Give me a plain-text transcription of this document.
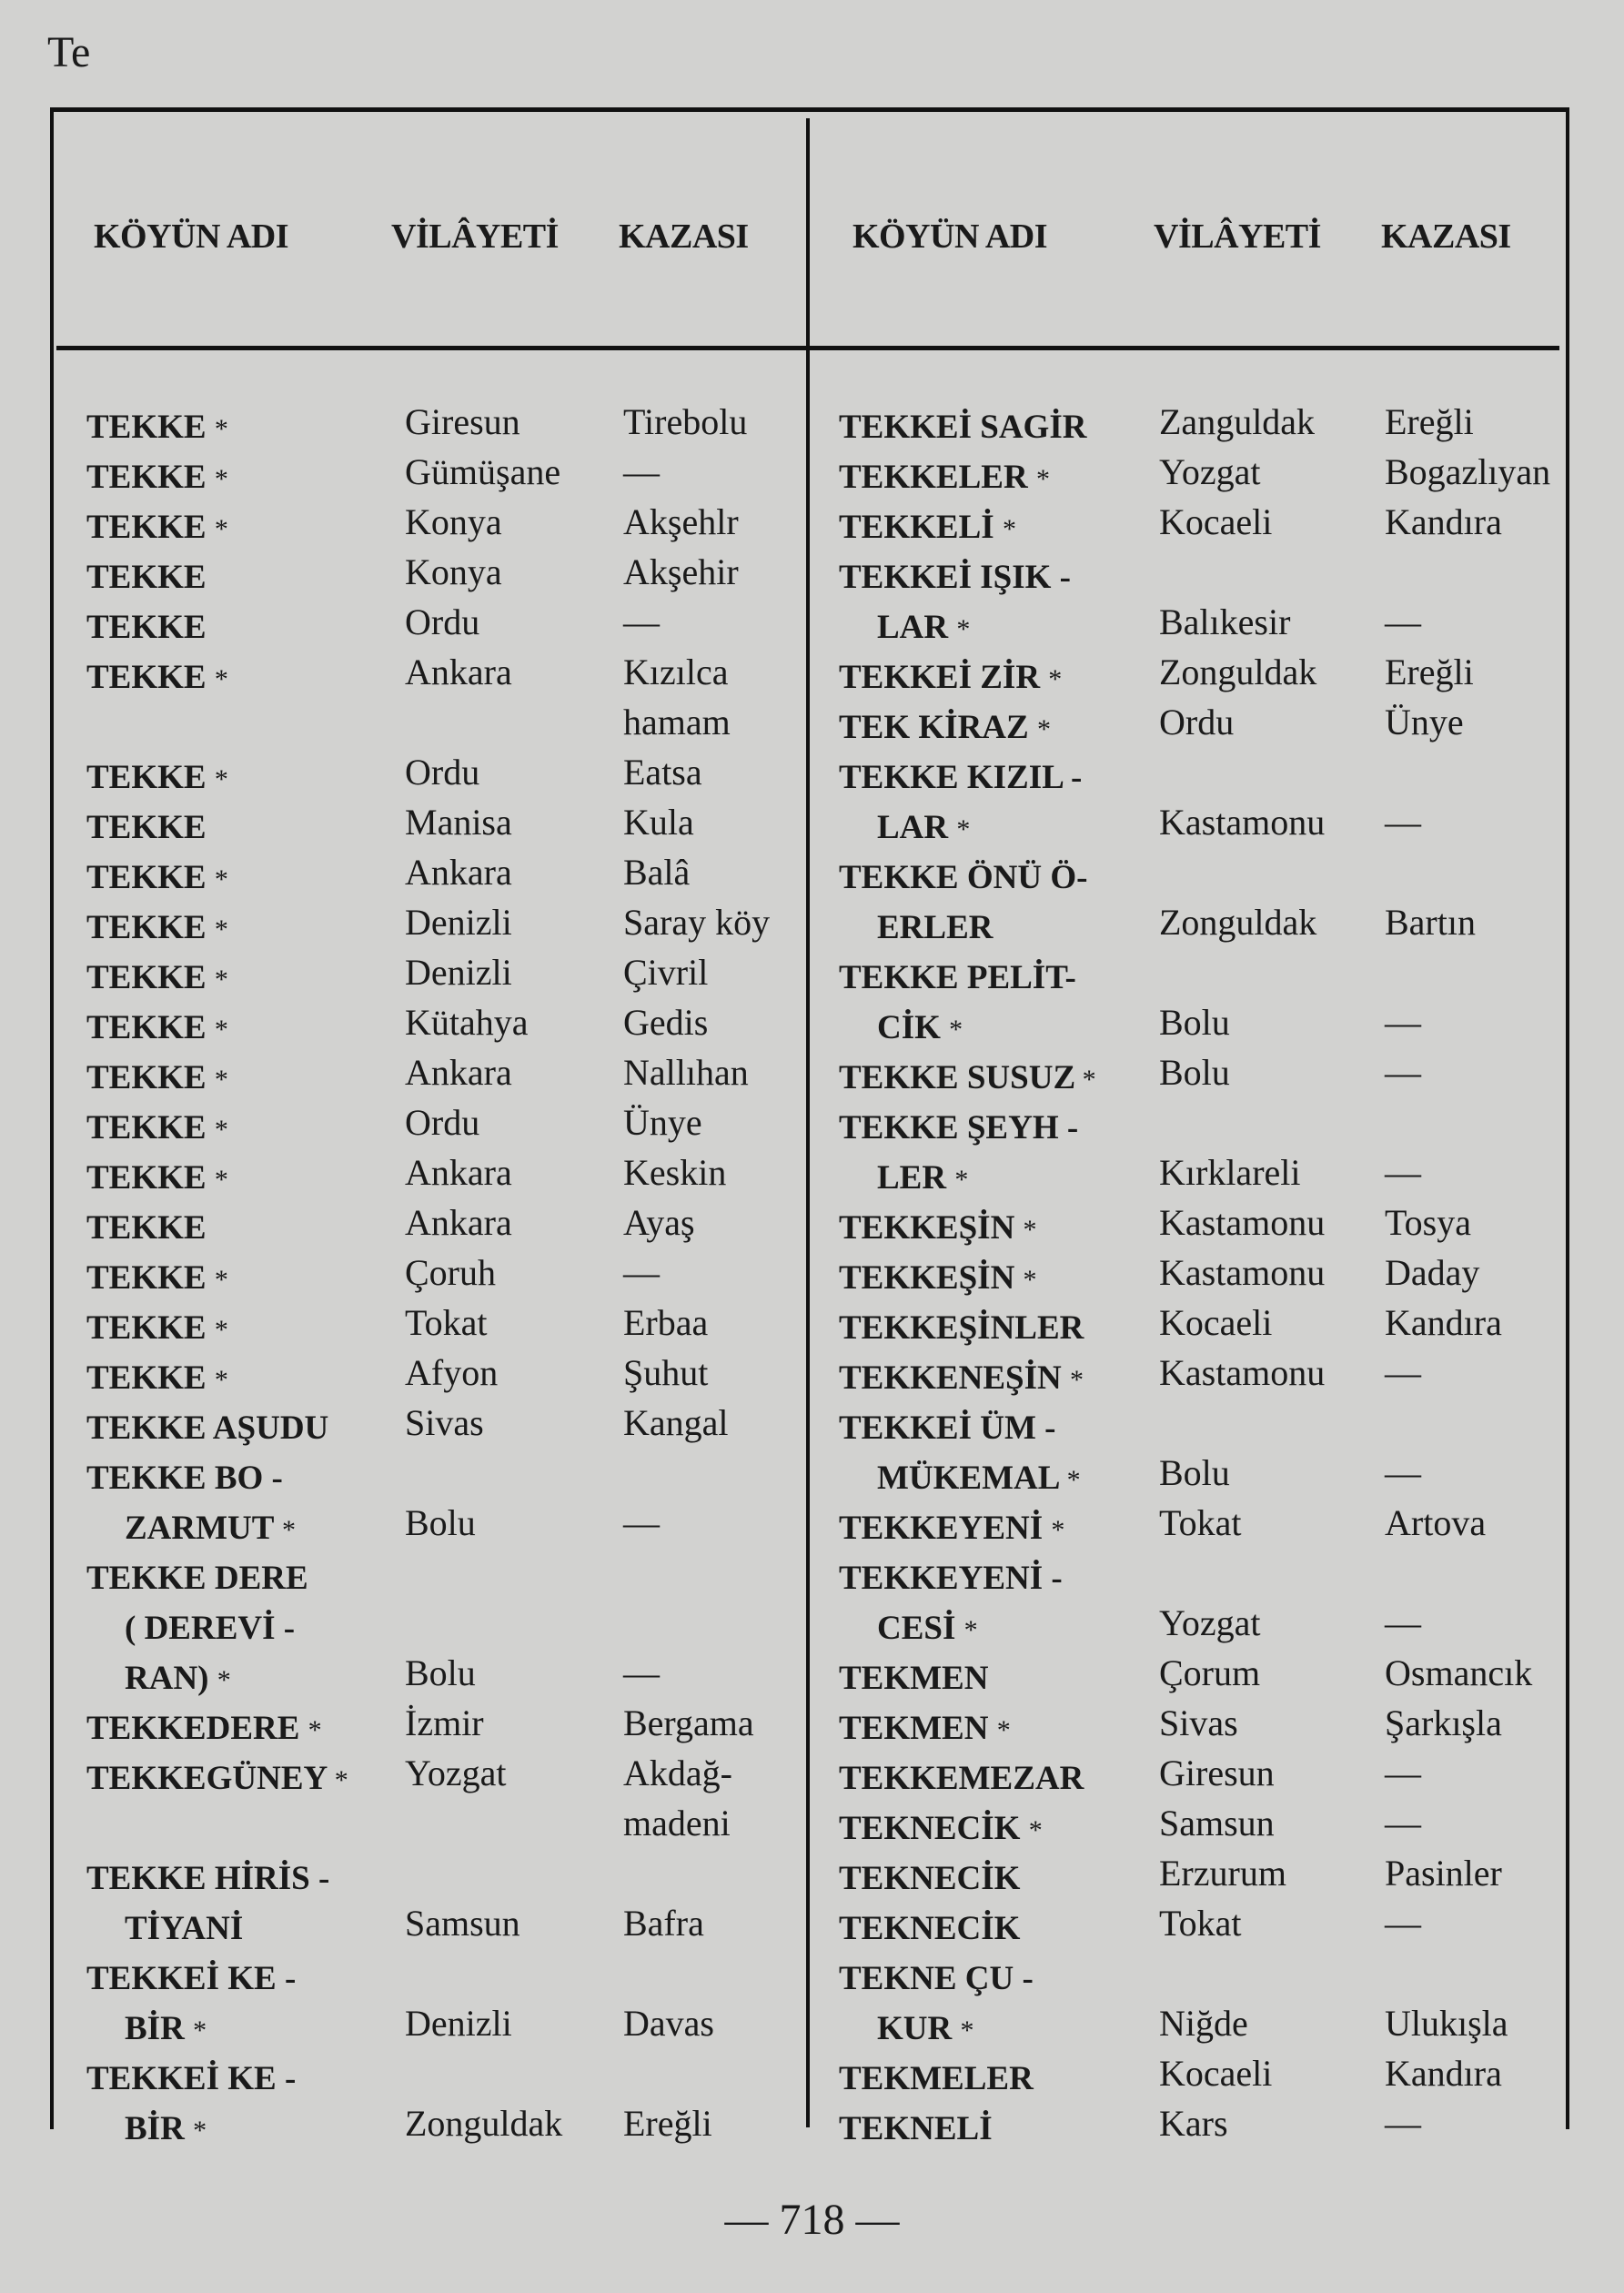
Te
KÖYÜN ADI	VİLÂYETİ KAZASI	KÖYÜN ADI	VİLÂYETİ KAZASI
TEKKE *	Giresun	Tirebolu
TEKKE *	Gümüşane —
TEKKE *	Konya	Akşehlr
TEKKE	Konya	Akşehir
TEKKE	Ordu	—
TEKKE *	Ankara	Kızılca
hamam
TEKKE *	Ordu	Eatsa
TEKKE	Manisa	Kula
TEKKE *	Ankara	Balâ
TEKKE *	Denizli	Saray köy
TEKKE *	Denizli	Çivril
TEKKE *	Kütahya	Gedis
TEKKE *	Ankara	Nallıhan
TEKKE *	Ordu	Ünye
TEKKE *	Ankara	Keskin
TEKKE	Ankara	Ayaş
TEKKE *	Çoruh	—
TEKKE *	Tokat	Erbaa
TEKKE *	Afyon	Şuhut
TEKKE AŞUDU Sivas	Kangal
TEKKE BO -
ZARMUT *	Bolu	—
TEKKE DERE
( DEREVİ -
RAN) *	Bolu	—
TEKKEDERE * İzmir	Bergama
TEKKEGÜNEY * Yozgat	Akdağ-
madeni
TEKKE HİRİS -
TİYANİ	Samsun	Bafra
TEKKEİ KE -
BİR *	Denizli	Davas
TEKKEİ KE -
BİR *	Zonguldak Ereğli
TEKKEİ SAGİR Zanguldak Ereğli
TEKKELER *	Yozgat	Bogazlıyan
TEKKELİ *	Kocaeli	Kandıra
TEKKEİ IŞIK -
LAR *	Balıkesir	—
TEKKEİ ZİR *	Zonguldak Ereğli
TEK KİRAZ *	Ordu	Ünye
TEKKE KIZIL -
LAR *	Kastamonu —
TEKKE ÖNÜ Ö-
ERLER	Zonguldak Bartın
TEKKE PELİT-
CİK *	Bolu	—
TEKKE SUSUZ * Bolu	—
TEKKE ŞEYH -
LER *	Kırklareli —
TEKKEŞİN *	Kastamonu Tosya
TEKKEŞİN *	Kastamonu Daday
TEKKEŞİNLER Kocaeli	Kandıra
TEKKENEŞİN * Kastamonu —
TEKKEİ ÜM -
MÜKEMAL * Bolu	—
TEKKEYENİ *	Tokat	Artova
TEKKEYENİ -
CESİ *	Yozgat	—
TEKMEN	Çorum	Osmancık
TEKMEN *	Sivas	Şarkışla
TEKKEMEZAR Giresun	—
TEKNECİK *	Samsun	—
TEKNECİK	Erzurum	Pasinler
TEKNECİK	Tokat	—
TEKNE ÇU -
KUR *	Niğde	Ulukışla
TEKMELER	Kocaeli	Kandıra
TEKNELİ	Kars	—
— 718 —
